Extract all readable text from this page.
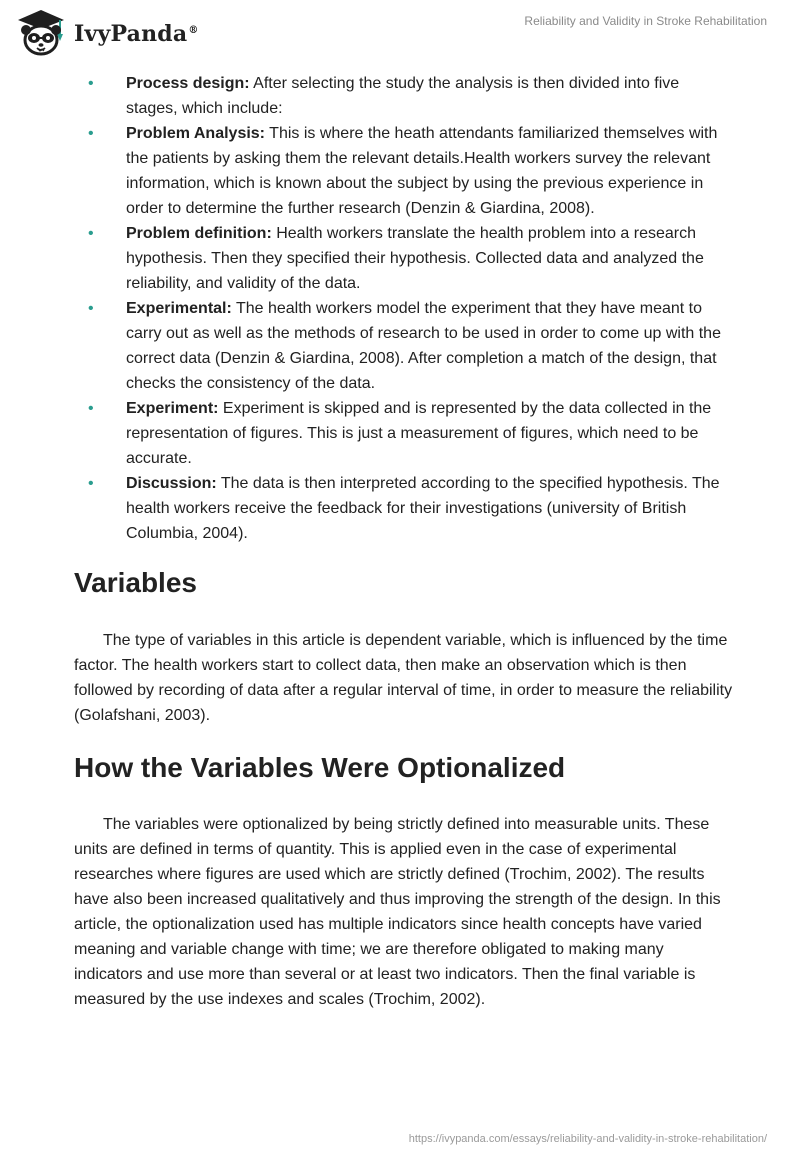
IvyPanda®
Reliability and Validity in Stroke Rehabilitation
• Process design: After selecting the study the analysis is then divided into five stages, which include:
• Problem Analysis: This is where the heath attendants familiarized themselves with the patients by asking them the relevant details.Health workers survey the relevant information, which is known about the subject by using the previous experience in order to determine the further research (Denzin & Giardina, 2008).
• Problem definition: Health workers translate the health problem into a research hypothesis. Then they specified their hypothesis. Collected data and analyzed the reliability, and validity of the data.
• Experimental: The health workers model the experiment that they have meant to carry out as well as the methods of research to be used in order to come up with the correct data (Denzin & Giardina, 2008). After completion a match of the design, that checks the consistency of the data.
• Experiment: Experiment is skipped and is represented by the data collected in the representation of figures. This is just a measurement of figures, which need to be accurate.
• Discussion: The data is then interpreted according to the specified hypothesis. The health workers receive the feedback for their investigations (university of British Columbia, 2004).
Variables

The type of variables in this article is dependent variable, which is influenced by the time factor. The health workers start to collect data, then make an observation which is then followed by recording of data after a regular interval of time, in order to measure the reliability (Golafshani, 2003).

How the Variables Were Optionalized

The variables were optionalized by being strictly defined into measurable units. These units are defined in terms of quantity. This is applied even in the case of experimental researches where figures are used which are strictly defined (Trochim, 2002). The results have also been increased qualitatively and thus improving the strength of the design. In this article, the optionalization used has multiple indicators since health concepts have varied meaning and variable change with time; we are therefore obligated to making many indicators and use more than several or at least two indicators. Then the final variable is measured by the use indexes and scales (Trochim, 2002).

https://ivypanda.com/essays/reliability-and-validity-in-stroke-rehabilitation/
